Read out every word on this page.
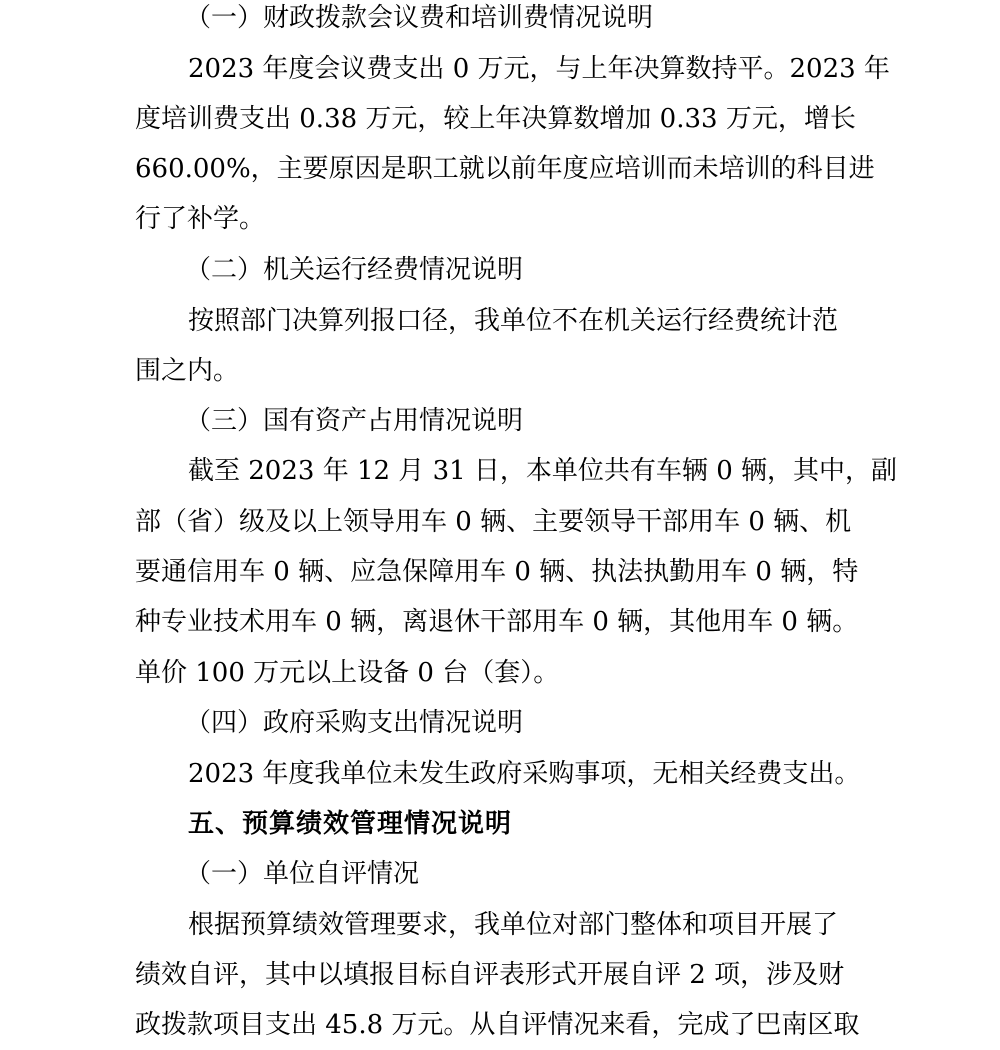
（一）财政拨款会议费和培训费情况说明
2023 年度会议费支出 0 万元，与上年决算数持平。2023 年
度培训费支出 0.38 万元，较上年决算数增加 0.33 万元，增长
660.00%，主要原因是职工就以前年度应培训而未培训的科目进
行了补学。
（二）机关运行经费情况说明
按照部门决算列报口径，我单位不在机关运行经费统计范
围之内。
（三）国有资产占用情况说明
截至 2023 年 12 月 31 日，本单位共有车辆 0 辆，其中，副
部（省）级及以上领导用车 0 辆、主要领导干部用车 0 辆、机
要通信用车 0 辆、应急保障用车 0 辆、执法执勤用车 0 辆，特
种专业技术用车 0 辆，离退休干部用车 0 辆，其他用车 0 辆。
单价 100 万元以上设备 0 台（套）。
（四）政府采购支出情况说明
2023 年度我单位未发生政府采购事项，无相关经费支出。
五、预算绩效管理情况说明
（一）单位自评情况
根据预算绩效管理要求，我单位对部门整体和项目开展了
绩效自评，其中以填报目标自评表形式开展自评 2 项，涉及财
政拨款项目支出 45.8 万元。从自评情况来看，完成了巴南区取
